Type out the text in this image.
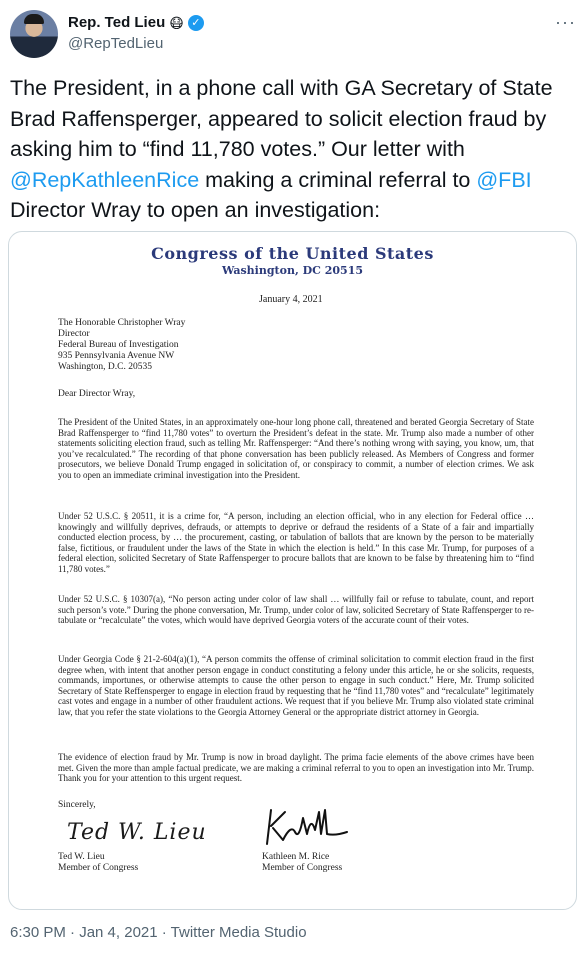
Rep. Ted Lieu 😷 ✓
@RepTedLieu
···
The President, in a phone call with GA Secretary of State Brad Raffensperger, appeared to solicit election fraud by asking him to “find 11,780 votes.” Our letter with @RepKathleenRice making a criminal referral to @FBI Director Wray to open an investigation:
Congress of the United States
Washington, DC 20515
January 4, 2021
The Honorable Christopher Wray
Director
Federal Bureau of Investigation
935 Pennsylvania Avenue NW
Washington, D.C. 20535
Dear Director Wray,
The President of the United States, in an approximately one-hour long phone call, threatened and berated Georgia Secretary of State Brad Raffensperger to “find 11,780 votes” to overturn the President’s defeat in the state. Mr. Trump also made a number of other statements soliciting election fraud, such as telling Mr. Raffensperger: “And there’s nothing wrong with saying, you know, um, that you’ve recalculated.” The recording of that phone conversation has been publicly released. As Members of Congress and former prosecutors, we believe Donald Trump engaged in solicitation of, or conspiracy to commit, a number of election crimes. We ask you to open an immediate criminal investigation into the President.
Under 52 U.S.C. § 20511, it is a crime for, “A person, including an election official, who in any election for Federal office … knowingly and willfully deprives, defrauds, or attempts to deprive or defraud the residents of a State of a fair and impartially conducted election process, by … the procurement, casting, or tabulation of ballots that are known by the person to be materially false, fictitious, or fraudulent under the laws of the State in which the election is held.” In this case Mr. Trump, for purposes of a federal election, solicited Secretary of State Raffensperger to procure ballots that are known to be false by threatening him to “find 11,780 votes.”
Under 52 U.S.C. § 10307(a), “No person acting under color of law shall … willfully fail or refuse to tabulate, count, and report such person’s vote.” During the phone conversation, Mr. Trump, under color of law, solicited Secretary of State Raffensperger to re-tabulate or “recalculate” the votes, which would have deprived Georgia voters of the accurate count of their votes.
Under Georgia Code § 21-2-604(a)(1), “A person commits the offense of criminal solicitation to commit election fraud in the first degree when, with intent that another person engage in conduct constituting a felony under this article, he or she solicits, requests, commands, importunes, or otherwise attempts to cause the other person to engage in such conduct.” Here, Mr. Trump solicited Secretary of State Reffensperger to engage in election fraud by requesting that he “find 11,780 votes” and “recalculate” legitimately cast votes and engage in a number of other fraudulent actions. We request that if you believe Mr. Trump also violated state criminal law, that you refer the state violations to the Georgia Attorney General or the appropriate district attorney in Georgia.
The evidence of election fraud by Mr. Trump is now in broad daylight. The prima facie elements of the above crimes have been met. Given the more than ample factual predicate, we are making a criminal referral to you to open an investigation into Mr. Trump. Thank you for your attention to this urgent request.
Sincerely,
Ted W. Lieu
Ted W. Lieu
Member of Congress
Kathleen M. Rice
Member of Congress
6:30 PM · Jan 4, 2021 · Twitter Media Studio
